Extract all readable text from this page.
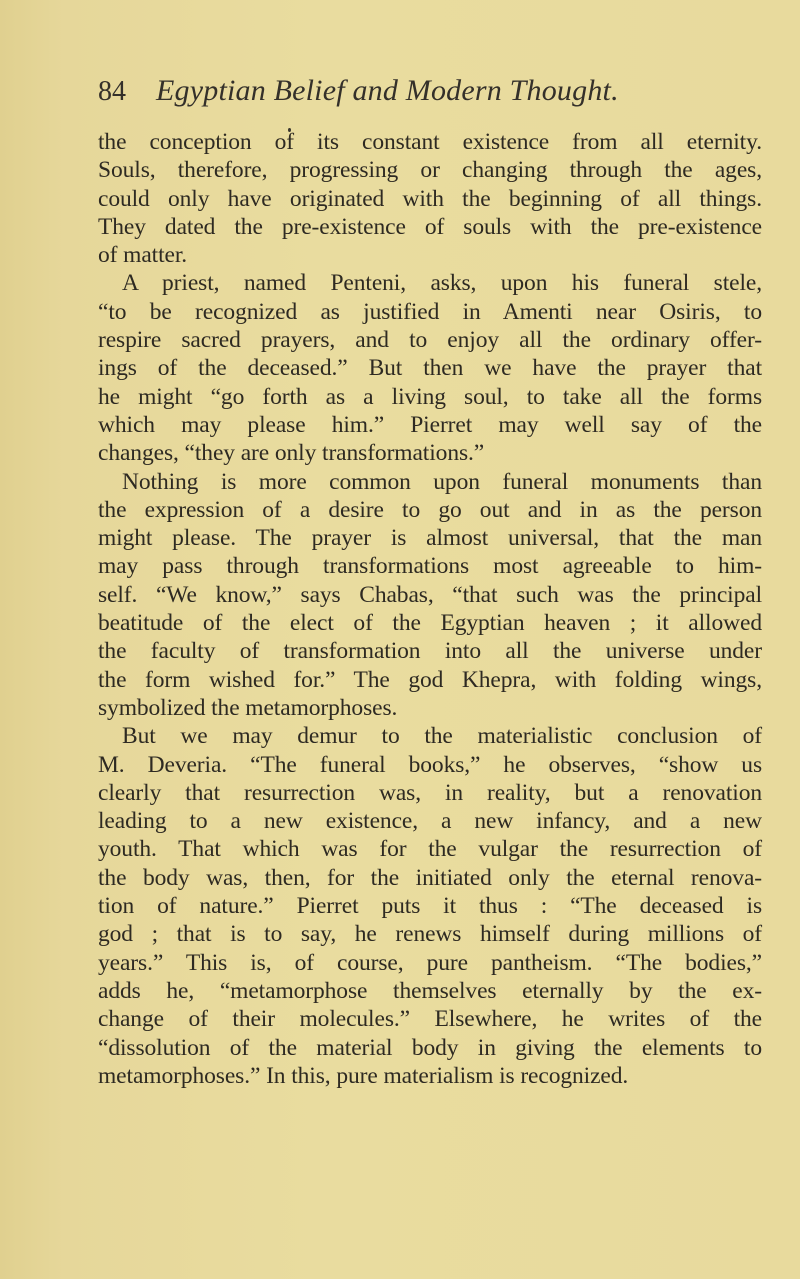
84 Egyptian Belief and Modern Thought.
the conception of its constant existence from all eternity.
Souls, therefore, progressing or changing through the ages,
could only have originated with the beginning of all things.
They dated the pre-existence of souls with the pre-existence
of matter.
A priest, named Penteni, asks, upon his funeral stele,
“to be recognized as justified in Amenti near Osiris, to
respire sacred prayers, and to enjoy all the ordinary offer-
ings of the deceased.” But then we have the prayer that
he might “go forth as a living soul, to take all the forms
which may please him.” Pierret may well say of the
changes, “they are only transformations.”
Nothing is more common upon funeral monuments than
the expression of a desire to go out and in as the person
might please. The prayer is almost universal, that the man
may pass through transformations most agreeable to him-
self. “We know,” says Chabas, “that such was the principal
beatitude of the elect of the Egyptian heaven ; it allowed
the faculty of transformation into all the universe under
the form wished for.” The god Khepra, with folding wings,
symbolized the metamorphoses.
But we may demur to the materialistic conclusion of
M. Deveria. “The funeral books,” he observes, “show us
clearly that resurrection was, in reality, but a renovation
leading to a new existence, a new infancy, and a new
youth. That which was for the vulgar the resurrection of
the body was, then, for the initiated only the eternal renova-
tion of nature.” Pierret puts it thus : “The deceased is
god ; that is to say, he renews himself during millions of
years.” This is, of course, pure pantheism. “The bodies,”
adds he, “metamorphose themselves eternally by the ex-
change of their molecules.” Elsewhere, he writes of the
“dissolution of the material body in giving the elements to
metamorphoses.” In this, pure materialism is recognized.
